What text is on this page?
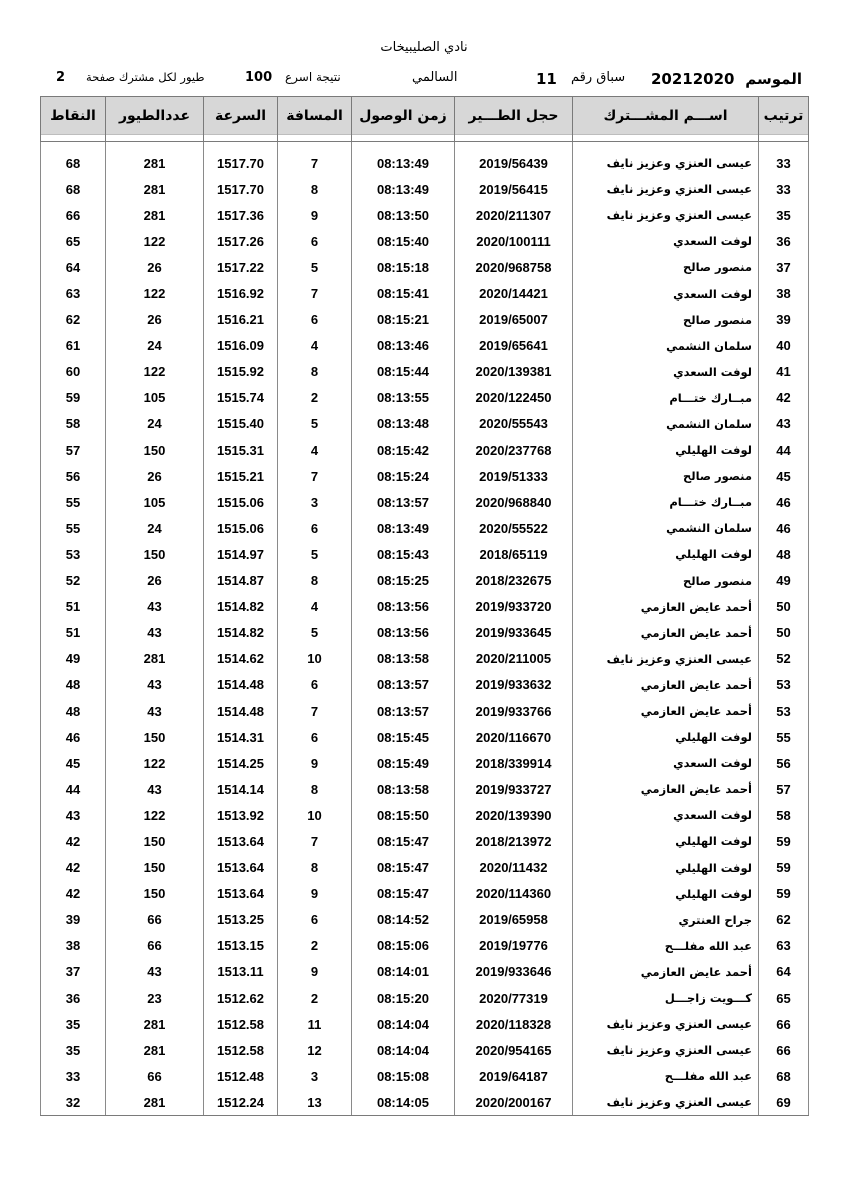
نادي الصليبيخات
الموسم
20212020
سباق رقم
11
السالمي
نتيجة اسرع
100
طيور لكل مشترك صفحة
2
ترتيب	اســـم المشـــترك	حجل الطـــير	زمن الوصول	المسافة	السرعة	عددالطيور	النقاط

33	عيسى العنزي وعزيز نايف	2019/56439	08:13:49	7	1517.70	281	68
33	عيسى العنزي وعزيز نايف	2019/56415	08:13:49	8	1517.70	281	68
35	عيسى العنزي وعزيز نايف	2020/211307	08:13:50	9	1517.36	281	66
36	لوفت السعدي	2020/100111	08:15:40	6	1517.26	122	65
37	منصور صالح	2020/968758	08:15:18	5	1517.22	26	64
38	لوفت السعدي	2020/14421	08:15:41	7	1516.92	122	63
39	منصور صالح	2019/65007	08:15:21	6	1516.21	26	62
40	سلمان النشمي	2019/65641	08:13:46	4	1516.09	24	61
41	لوفت السعدي	2020/139381	08:15:44	8	1515.92	122	60
42	مبــارك ختـــام	2020/122450	08:13:55	2	1515.74	105	59
43	سلمان النشمي	2020/55543	08:13:48	5	1515.40	24	58
44	لوفت الهليلي	2020/237768	08:15:42	4	1515.31	150	57
45	منصور صالح	2019/51333	08:15:24	7	1515.21	26	56
46	مبــارك ختـــام	2020/968840	08:13:57	3	1515.06	105	55
46	سلمان النشمي	2020/55522	08:13:49	6	1515.06	24	55
48	لوفت الهليلي	2018/65119	08:15:43	5	1514.97	150	53
49	منصور صالح	2018/232675	08:15:25	8	1514.87	26	52
50	أحمد عايض العازمي	2019/933720	08:13:56	4	1514.82	43	51
50	أحمد عايض العازمي	2019/933645	08:13:56	5	1514.82	43	51
52	عيسى العنزي وعزيز نايف	2020/211005	08:13:58	10	1514.62	281	49
53	أحمد عايض العازمي	2019/933632	08:13:57	6	1514.48	43	48
53	أحمد عايض العازمي	2019/933766	08:13:57	7	1514.48	43	48
55	لوفت الهليلي	2020/116670	08:15:45	6	1514.31	150	46
56	لوفت السعدي	2018/339914	08:15:49	9	1514.25	122	45
57	أحمد عايض العازمي	2019/933727	08:13:58	8	1514.14	43	44
58	لوفت السعدي	2020/139390	08:15:50	10	1513.92	122	43
59	لوفت الهليلي	2018/213972	08:15:47	7	1513.64	150	42
59	لوفت الهليلي	2020/11432	08:15:47	8	1513.64	150	42
59	لوفت الهليلي	2020/114360	08:15:47	9	1513.64	150	42
62	جراح العنتري	2019/65958	08:14:52	6	1513.25	66	39
63	عبد الله مفلـــح	2019/19776	08:15:06	2	1513.15	66	38
64	أحمد عايض العازمي	2019/933646	08:14:01	9	1513.11	43	37
65	كـــويت زاجـــل	2020/77319	08:15:20	2	1512.62	23	36
66	عيسى العنزي وعزيز نايف	2020/118328	08:14:04	11	1512.58	281	35
66	عيسى العنزي وعزيز نايف	2020/954165	08:14:04	12	1512.58	281	35
68	عبد الله مفلـــح	2019/64187	08:15:08	3	1512.48	66	33
69	عيسى العنزي وعزيز نايف	2020/200167	08:14:05	13	1512.24	281	32
